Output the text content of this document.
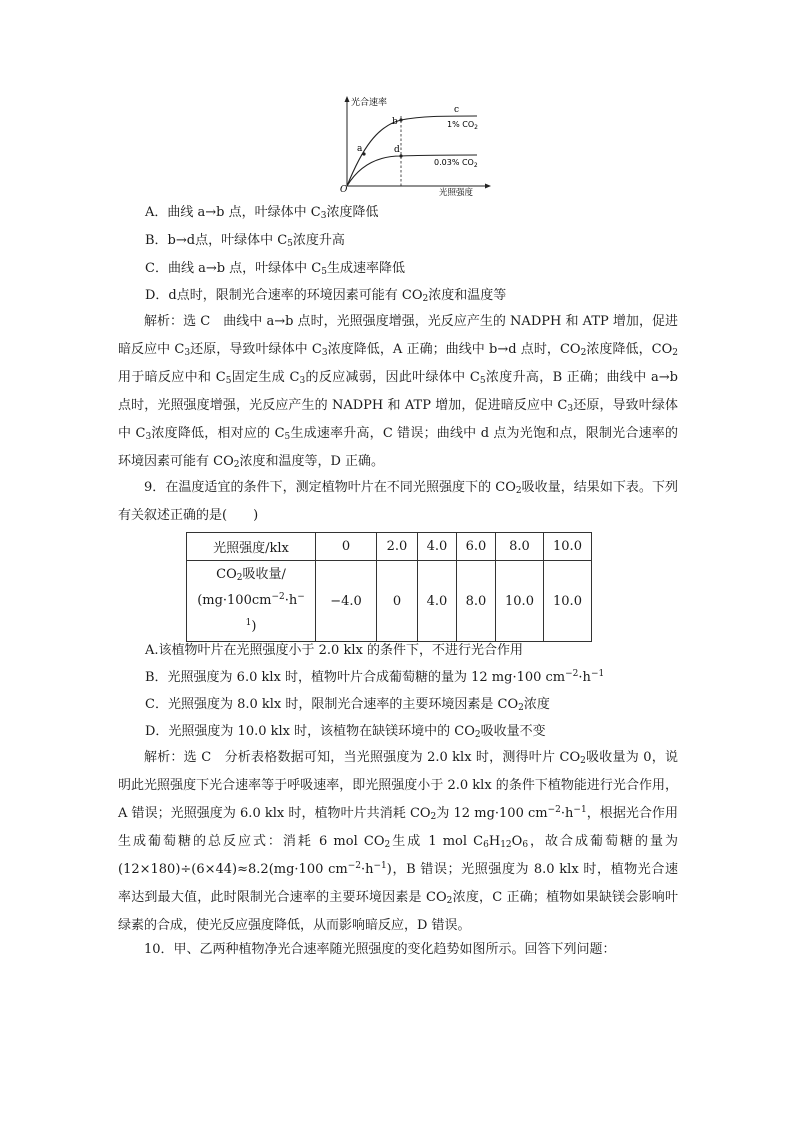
光合速率
光照强度
O
a
b
c
d
1% $CO_2$
0.03% $CO_2$
A．曲线 a→b 点，叶绿体中 $C_3$浓度降低
B．b→d点，叶绿体中 $C_5$浓度升高
C．曲线 a→b 点，叶绿体中 $C_5$生成速率降低
D．d点时，限制光合速率的环境因素可能有 $CO_2$浓度和温度等
解析：选 C　曲线中 a→b 点时，光照强度增强，光反应产生的 NADPH 和 ATP 增加，促进暗反应中 $C_3$还原，导致叶绿体中 $C_3$浓度降低，A 正确；曲线中 b→d 点时，$CO_2$浓度降低，$CO_2$用于暗反应中和 $C_5$固定生成 $C_3$的反应减弱，因此叶绿体中 $C_5$浓度升高，B 正确；曲线中 a→b 点时，光照强度增强，光反应产生的 NADPH 和 ATP 增加，促进暗反应中 $C_3$还原，导致叶绿体中 $C_3$浓度降低，相对应的 $C_5$生成速率升高，C 错误；曲线中 d 点为光饱和点，限制光合速率的环境因素可能有 $CO_2$浓度和温度等，D 正确。
9．在温度适宜的条件下，测定植物叶片在不同光照强度下的 $CO_2$吸收量，结果如下表。下列有关叙述正确的是(　　)
光照强度/klx	0	2.0	4.0	6.0	8.0	10.0
$CO_2$吸收量/
($mg\cdot 100cm^{-2}\cdot h^-$
$^1$)	−4.0	0	4.0	8.0	10.0	10.0
A.该植物叶片在光照强度小于 2.0 klx 的条件下，不进行光合作用
B．光照强度为 6.0 klx 时，植物叶片合成葡萄糖的量为 12 mg·100 $cm^{-2}\cdot h^{-1}$
C．光照强度为 8.0 klx 时，限制光合速率的主要环境因素是 $CO_2$浓度
D．光照强度为 10.0 klx 时，该植物在缺镁环境中的 $CO_2$吸收量不变
解析：选 C　分析表格数据可知，当光照强度为 2.0 klx 时，测得叶片 $CO_2$吸收量为 0，说明此光照强度下光合速率等于呼吸速率，即光照强度小于 2.0 klx 的条件下植物能进行光合作用，A 错误；光照强度为 6.0 klx 时，植物叶片共消耗 $CO_2$为 12 mg·100 $cm^{-2}\cdot h^{-1}$，根据光合作用生成葡萄糖的总反应式：消耗 6 mol $CO_2$生成 1 mol $C_6H_{12}O_6$，故合成葡萄糖的量为(12×180)÷(6×44)≈8.2(mg·100 $cm^{-2}\cdot h^{-1}$)，B 错误；光照强度为 8.0 klx 时，植物光合速率达到最大值，此时限制光合速率的主要环境因素是 $CO_2$浓度，C 正确；植物如果缺镁会影响叶绿素的合成，使光反应强度降低，从而影响暗反应，D 错误。
10．甲、乙两种植物净光合速率随光照强度的变化趋势如图所示。回答下列问题：
